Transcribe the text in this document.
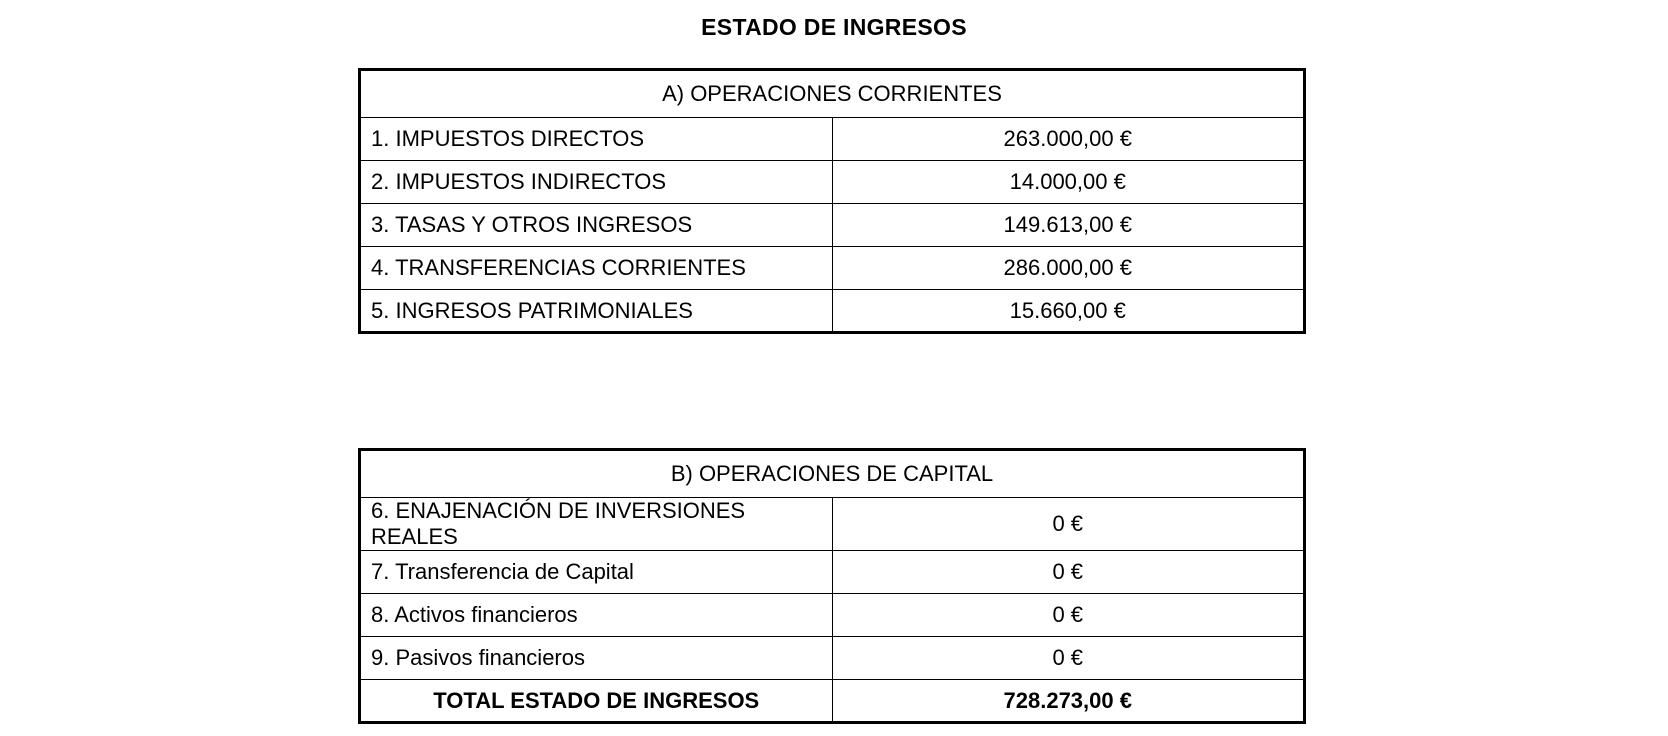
ESTADO DE INGRESOS
A) OPERACIONES CORRIENTES	
1. IMPUESTOS DIRECTOS	263.000,00 €
2. IMPUESTOS INDIRECTOS	14.000,00 €
3. TASAS Y OTROS INGRESOS	149.613,00 €
4. TRANSFERENCIAS CORRIENTES	286.000,00 €
5. INGRESOS PATRIMONIALES	15.660,00 €
B) OPERACIONES DE CAPITAL	
6. ENAJENACIÓN DE INVERSIONES REALES	0 €
7. Transferencia de Capital	0 €
8. Activos financieros	0 €
9. Pasivos financieros	0 €
TOTAL ESTADO DE INGRESOS	728.273,00 €
